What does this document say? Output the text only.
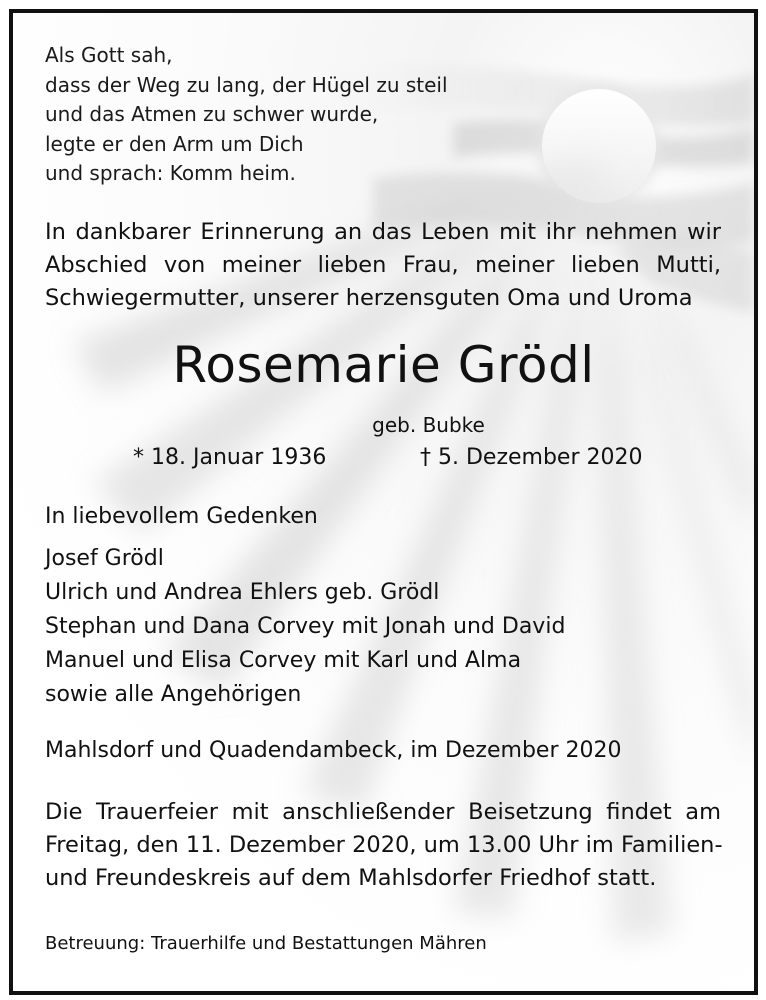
Als Gott sah,
dass der Weg zu lang, der Hügel zu steil
und das Atmen zu schwer wurde,
legte er den Arm um Dich
und sprach: Komm heim.
In dankbarer Erinnerung an das Leben mit ihr nehmen wir
Abschied von meiner lieben Frau, meiner lieben Mutti,
Schwiegermutter, unserer herzensguten Oma und Uroma
Rosemarie Grödl
geb. Bubke
* 18. Januar 1936	† 5. Dezember 2020
In liebevollem Gedenken
Josef Grödl
Ulrich und Andrea Ehlers geb. Grödl
Stephan und Dana Corvey mit Jonah und David
Manuel und Elisa Corvey mit Karl und Alma
sowie alle Angehörigen
Mahlsdorf und Quadendambeck, im Dezember 2020
Die Trauerfeier mit anschließender Beisetzung findet am
Freitag, den 11. Dezember 2020, um 13.00 Uhr im Familien-
und Freundeskreis auf dem Mahlsdorfer Friedhof statt.
Betreuung: Trauerhilfe und Bestattungen Mähren
